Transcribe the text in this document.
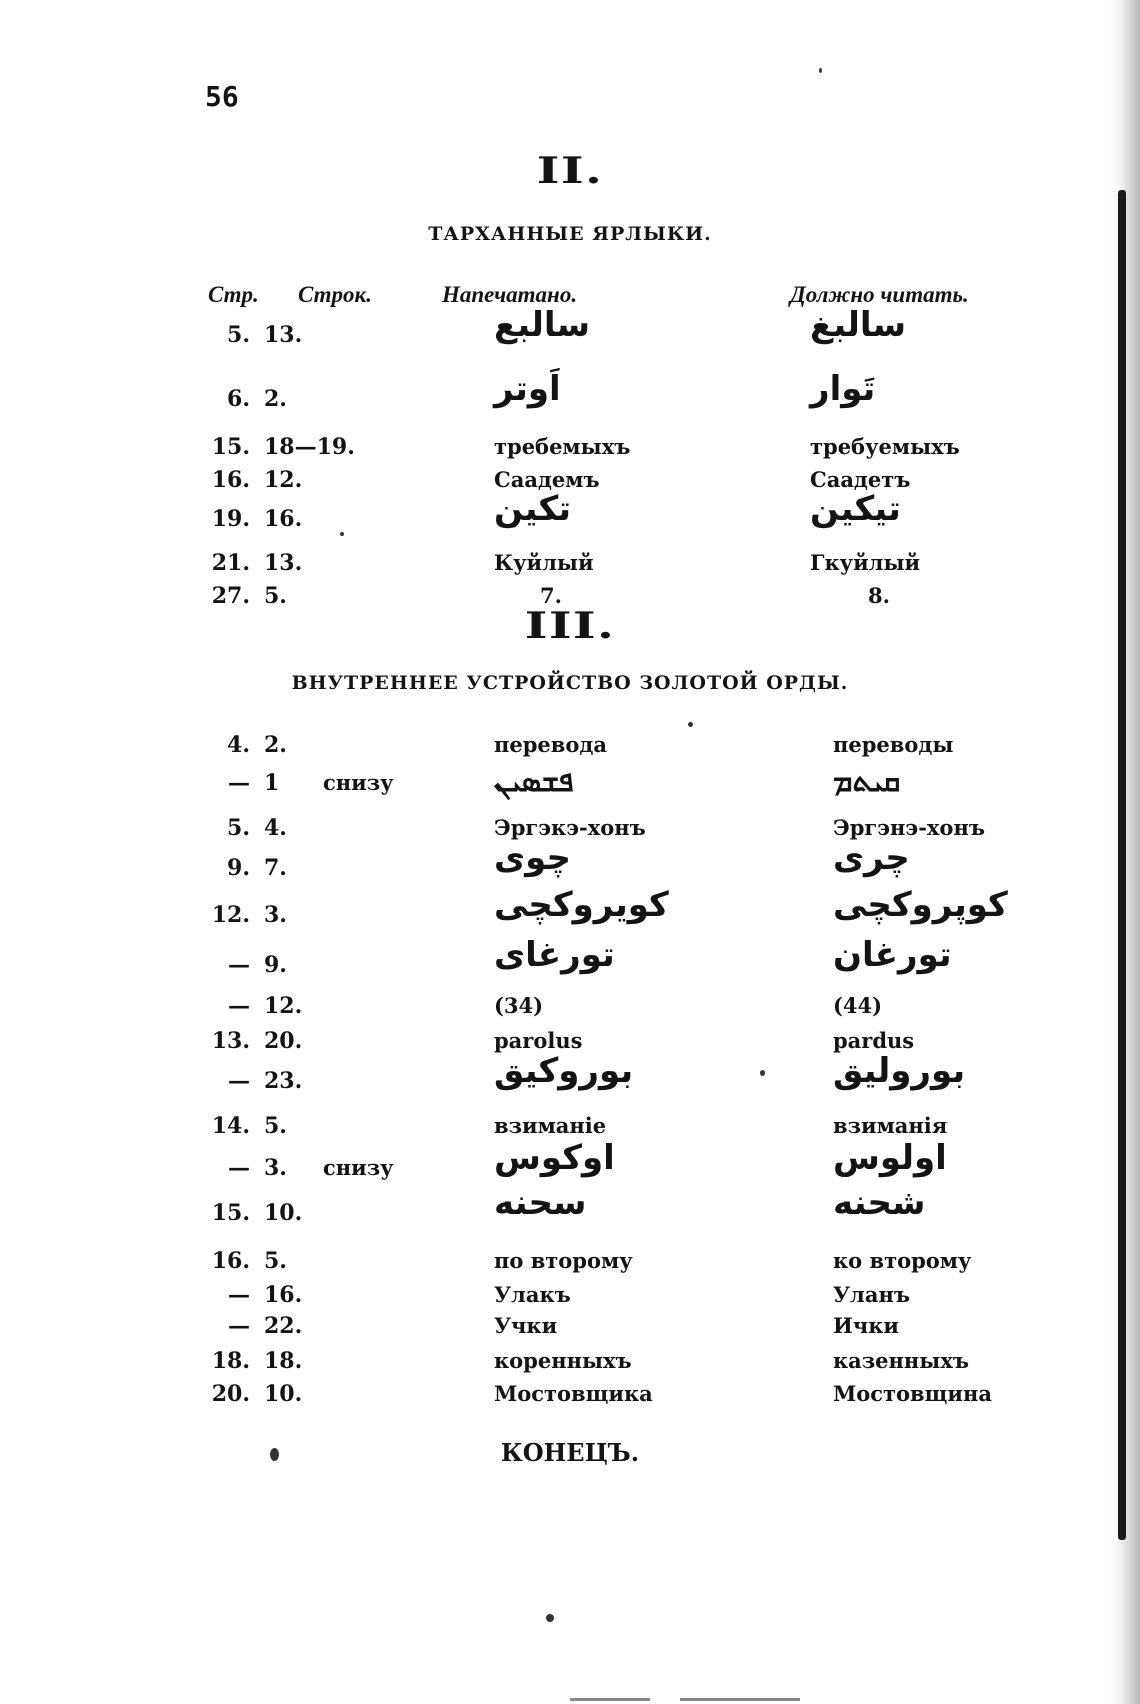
56
II.
ТАРХАННЫЕ ЯРЛЫКИ.
Стр. Строк.	Напечатано.	Должно читать.
5. 13.	سالبع	سالبغ
6. 2.	اَوتر	تَوار
15. 18—19.	требемыхъ	требуемыхъ
16. 12.	Саадемъ	Саадетъ
19. 16.	تكين	تيكين
21. 13.	Куйлый	Гкуйлый
27. 5.	7.	8.
III.
ВНУТРЕННЕЕ УСТРОЙСТВО ЗОЛОТОЙ ОРДЫ.
4. 2.	перевода	переводы
— 1 снизу	ܦܫܣܝܢ	ܩܝܬܡ
5. 4.	Эргэкэ-хонъ	Эргэнэ-хонъ
9. 7.	چوى	چرى
12. 3.	كويروكچى	كوپروكچى
— 9.	تورغاى	تورغان
— 12.	(34)	(44)
13. 20.	parolus	pardus
— 23.	بوروكيق	بوروليق
14. 5.	взиманіе	взиманія
— 3. снизу	اوكوس	اولوس
15. 10.	سحنه	شحنه
16. 5.	по второму	ко второму
— 16.	Улакъ	Уланъ
— 22.	Учки	Ички
18. 18.	коренныхъ	казенныхъ
20. 10.	Мостовщика	Мостовщина
КОНЕЦЪ.
